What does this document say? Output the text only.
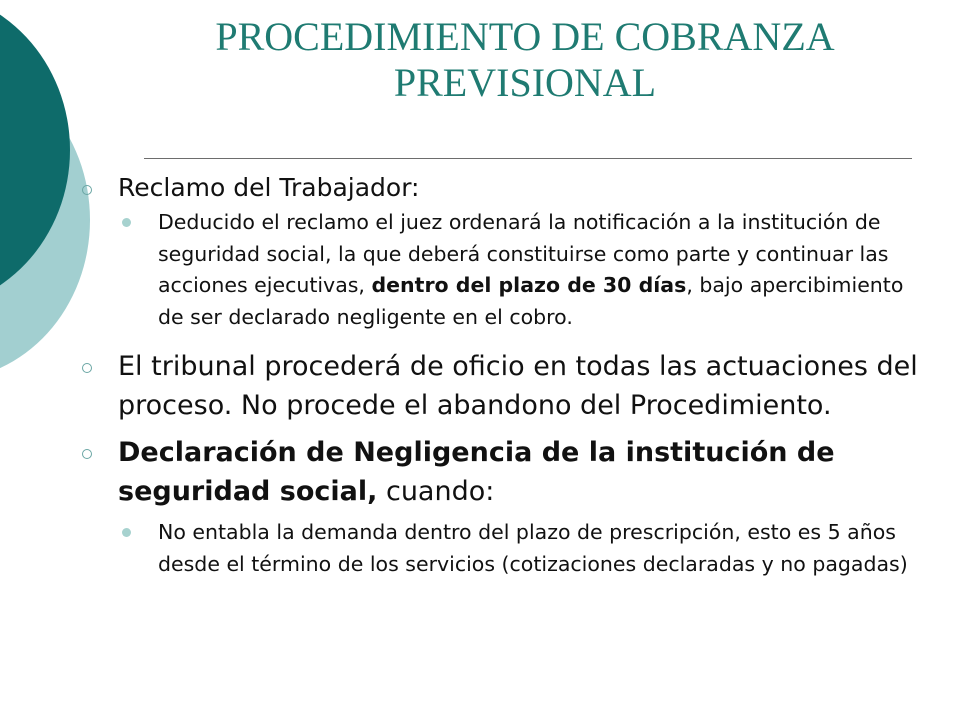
PROCEDIMIENTO DE COBRANZA
PREVISIONAL
Reclamo del Trabajador:
Deducido el reclamo el juez ordenará la notificación a la institución de seguridad social, la que deberá constituirse como parte y continuar las acciones ejecutivas, dentro del plazo de 30 días, bajo apercibimiento de ser declarado negligente en el cobro.
El tribunal procederá de oficio en todas las actuaciones del proceso. No procede el abandono del Procedimiento.
Declaración de Negligencia de la institución de seguridad social, cuando:
No entabla la demanda dentro del plazo de prescripción, esto es 5 años desde el término de los servicios (cotizaciones declaradas y no pagadas)
